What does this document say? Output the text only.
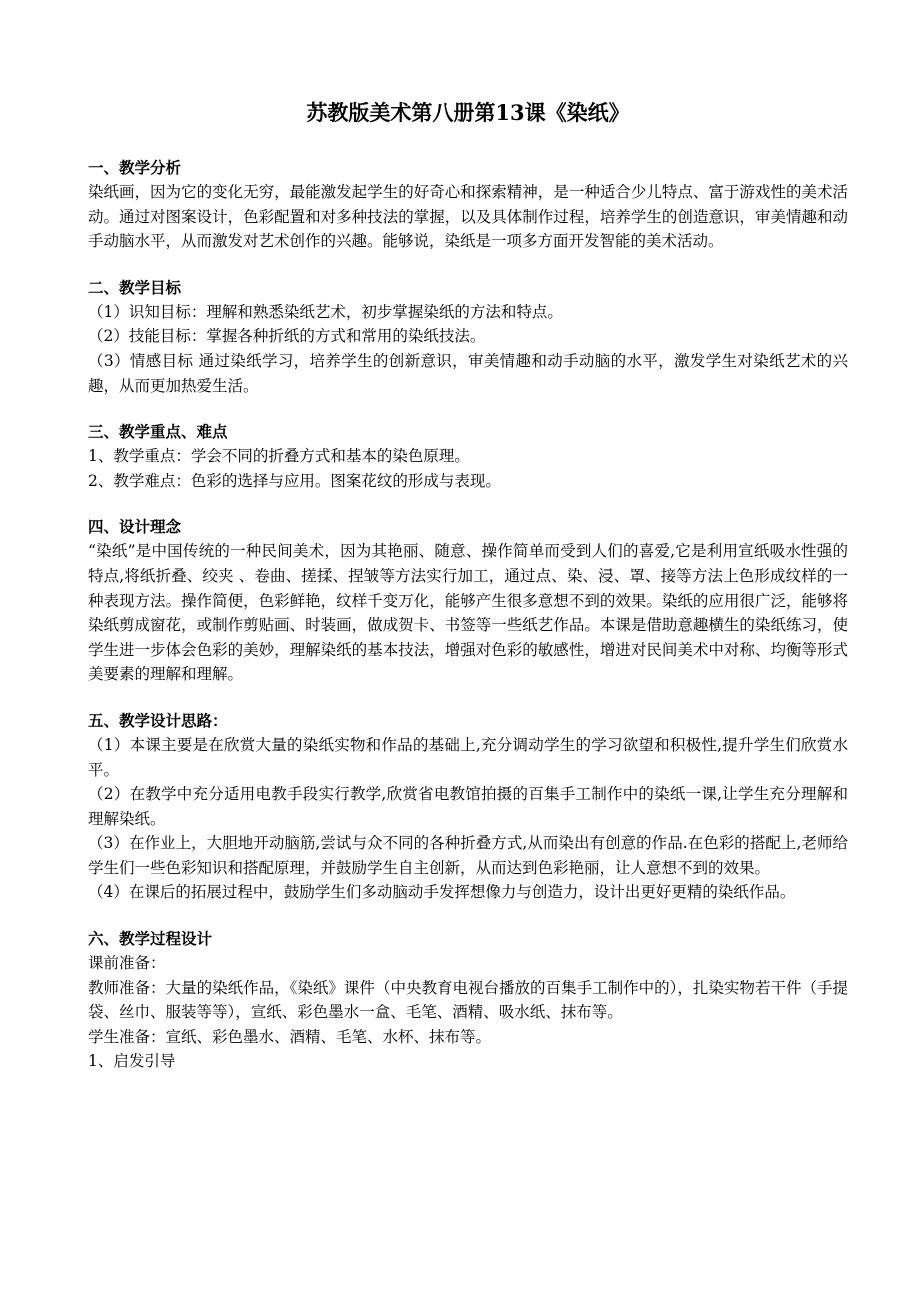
苏教版美术第八册第13课《染纸》

一、教学分析

染纸画，因为它的变化无穷，最能激发起学生的好奇心和探索精神，是一种适合少儿特点、富于游戏性的美术活动。通过对图案设计，色彩配置和对多种技法的掌握，以及具体制作过程，培养学生的创造意识，审美情趣和动手动脑水平，从而激发对艺术创作的兴趣。能够说，染纸是一项多方面开发智能的美术活动。

二、教学目标

（1）识知目标：理解和熟悉染纸艺术，初步掌握染纸的方法和特点。

（2）技能目标：掌握各种折纸的方式和常用的染纸技法。

（3）情感目标 通过染纸学习，培养学生的创新意识，审美情趣和动手动脑的水平，激发学生对染纸艺术的兴趣，从而更加热爱生活。

三、教学重点、难点

1、教学重点：学会不同的折叠方式和基本的染色原理。

2、教学难点：色彩的选择与应用。图案花纹的形成与表现。

四、设计理念

“染纸”是中国传统的一种民间美术，因为其艳丽、随意、操作简单而受到人们的喜爱,它是利用宣纸吸水性强的特点,将纸折叠、绞夹 、卷曲、搓揉、捏皱等方法实行加工，通过点、染、浸、罩、接等方法上色形成纹样的一种表现方法。操作简便，色彩鲜艳，纹样千变万化，能够产生很多意想不到的效果。染纸的应用很广泛，能够将染纸剪成窗花，或制作剪贴画、时装画，做成贺卡、书签等一些纸艺作品。本课是借助意趣横生的染纸练习，使学生进一步体会色彩的美妙，理解染纸的基本技法，增强对色彩的敏感性，增进对民间美术中对称、均衡等形式美要素的理解和理解。

五、教学设计思路：

（1）本课主要是在欣赏大量的染纸实物和作品的基础上,充分调动学生的学习欲望和积极性,提升学生们欣赏水平。

（2）在教学中充分适用电教手段实行教学,欣赏省电教馆拍摄的百集手工制作中的染纸一课,让学生充分理解和理解染纸。

（3）在作业上，大胆地开动脑筋,尝试与众不同的各种折叠方式,从而染出有创意的作品.在色彩的搭配上,老师给学生们一些色彩知识和搭配原理，并鼓励学生自主创新，从而达到色彩艳丽，让人意想不到的效果。

（4）在课后的拓展过程中，鼓励学生们多动脑动手发挥想像力与创造力，设计出更好更精的染纸作品。

六、教学过程设计

课前准备：

教师准备：大量的染纸作品，《染纸》课件（中央教育电视台播放的百集手工制作中的），扎染实物若干件（手提袋、丝巾、服装等等），宣纸、彩色墨水一盒、毛笔、酒精、吸水纸、抹布等。

学生准备：宣纸、彩色墨水、酒精、毛笔、水杯、抹布等。

1、启发引导
